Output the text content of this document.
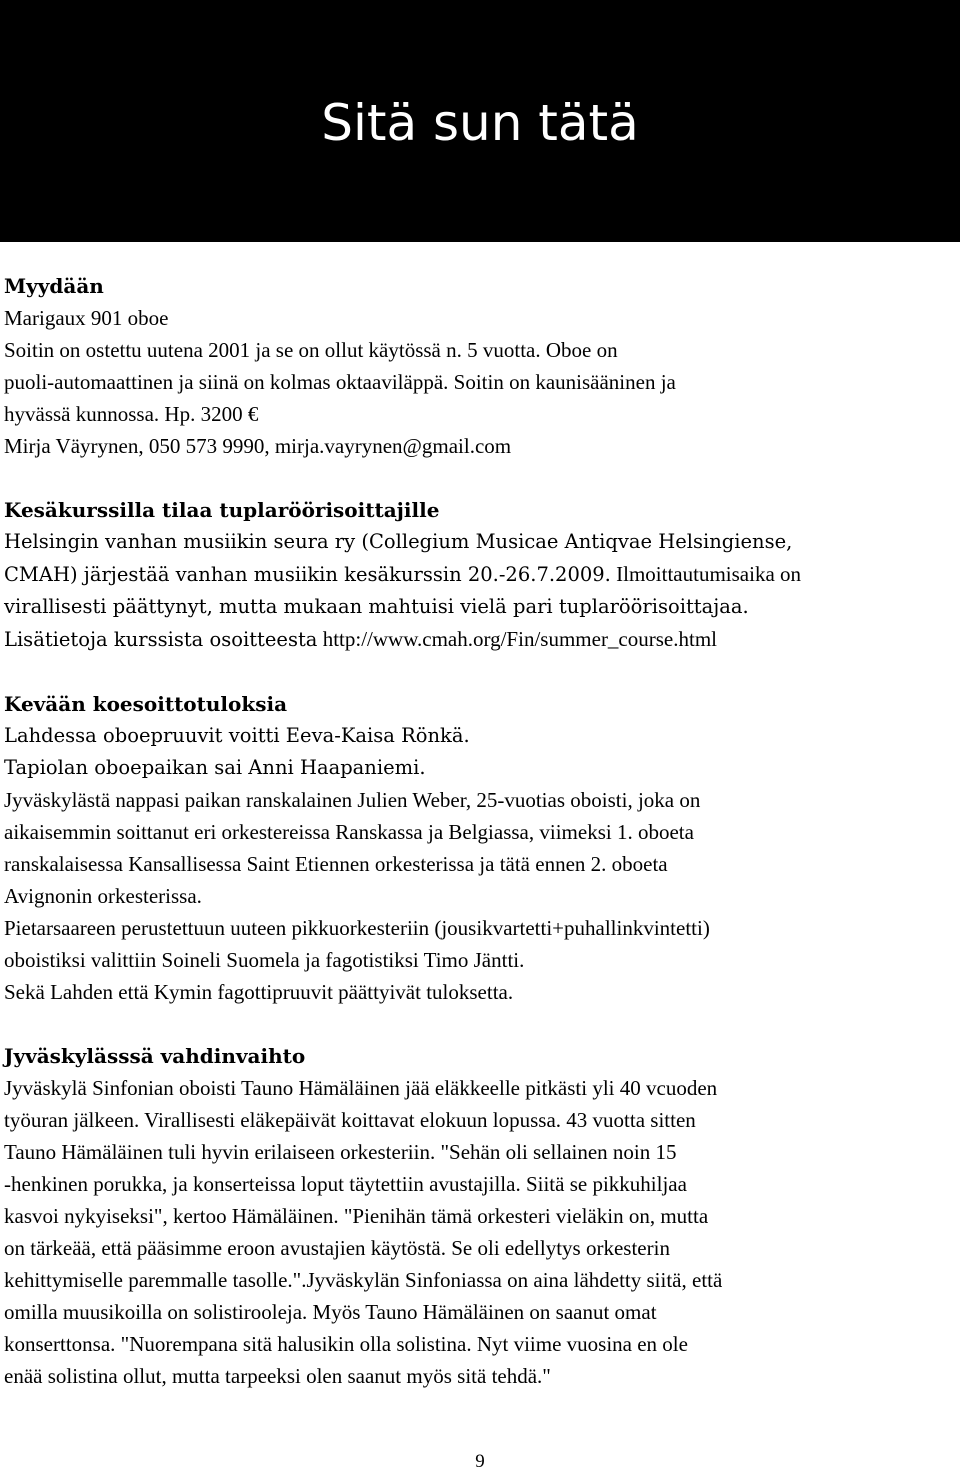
Sitä sun tätä
Myydään
Marigaux 901 oboe
Soitin on ostettu uutena 2001 ja se on ollut käytössä n. 5 vuotta. Oboe on
puoli-automaattinen ja siinä on kolmas oktaaviläppä. Soitin on kaunisääninen ja
hyvässä kunnossa. Hp. 3200 €
Mirja Väyrynen, 050 573 9990, mirja.vayrynen@gmail.com
Kesäkurssilla tilaa tuplaröörisoittajille
Helsingin vanhan musiikin seura ry (Collegium Musicae Antiqvae Helsingiense,
CMAH) järjestää vanhan musiikin kesäkurssin 20.-26.7.2009. Ilmoittautumisaika on
virallisesti päättynyt, mutta mukaan mahtuisi vielä pari tuplaröörisoittajaa.
Lisätietoja kurssista osoitteesta http://www.cmah.org/Fin/summer_course.html
Kevään koesoittotuloksia
Lahdessa oboepruuvit voitti Eeva-Kaisa Rönkä.
Tapiolan oboepaikan sai Anni Haapaniemi.
Jyväskylästä nappasi paikan ranskalainen Julien Weber, 25-vuotias oboisti, joka on
aikaisemmin soittanut eri orkestereissa Ranskassa ja Belgiassa, viimeksi 1. oboeta
ranskalaisessa Kansallisessa Saint Etiennen orkesterissa ja tätä ennen 2. oboeta
Avignonin orkesterissa.
Pietarsaareen perustettuun uuteen pikkuorkesteriin (jousikvartetti+puhallinkvintetti)
oboistiksi valittiin Soineli Suomela ja fagotistiksi Timo Jäntti.
Sekä Lahden että Kymin fagottipruuvit päättyivät tuloksetta.
Jyväskylässsä vahdinvaihto
Jyväskylä Sinfonian oboisti Tauno Hämäläinen jää eläkkeelle pitkästi yli 40 vcuoden
työuran jälkeen. Virallisesti eläkepäivät koittavat elokuun lopussa. 43 vuotta sitten
Tauno Hämäläinen tuli hyvin erilaiseen orkesteriin. "Sehän oli sellainen noin 15
-henkinen porukka, ja konserteissa loput täytettiin avustajilla. Siitä se pikkuhiljaa
kasvoi nykyiseksi", kertoo Hämäläinen. "Pienihän tämä orkesteri vieläkin on, mutta
on tärkeää, että pääsimme eroon avustajien käytöstä. Se oli edellytys orkesterin
kehittymiselle paremmalle tasolle.".Jyväskylän Sinfoniassa on aina lähdetty siitä, että
omilla muusikoilla on solistirooleja. Myös Tauno Hämäläinen on saanut omat
konserttonsa. "Nuorempana sitä halusikin olla solistina. Nyt viime vuosina en ole
enää solistina ollut, mutta tarpeeksi olen saanut myös sitä tehdä."
9
